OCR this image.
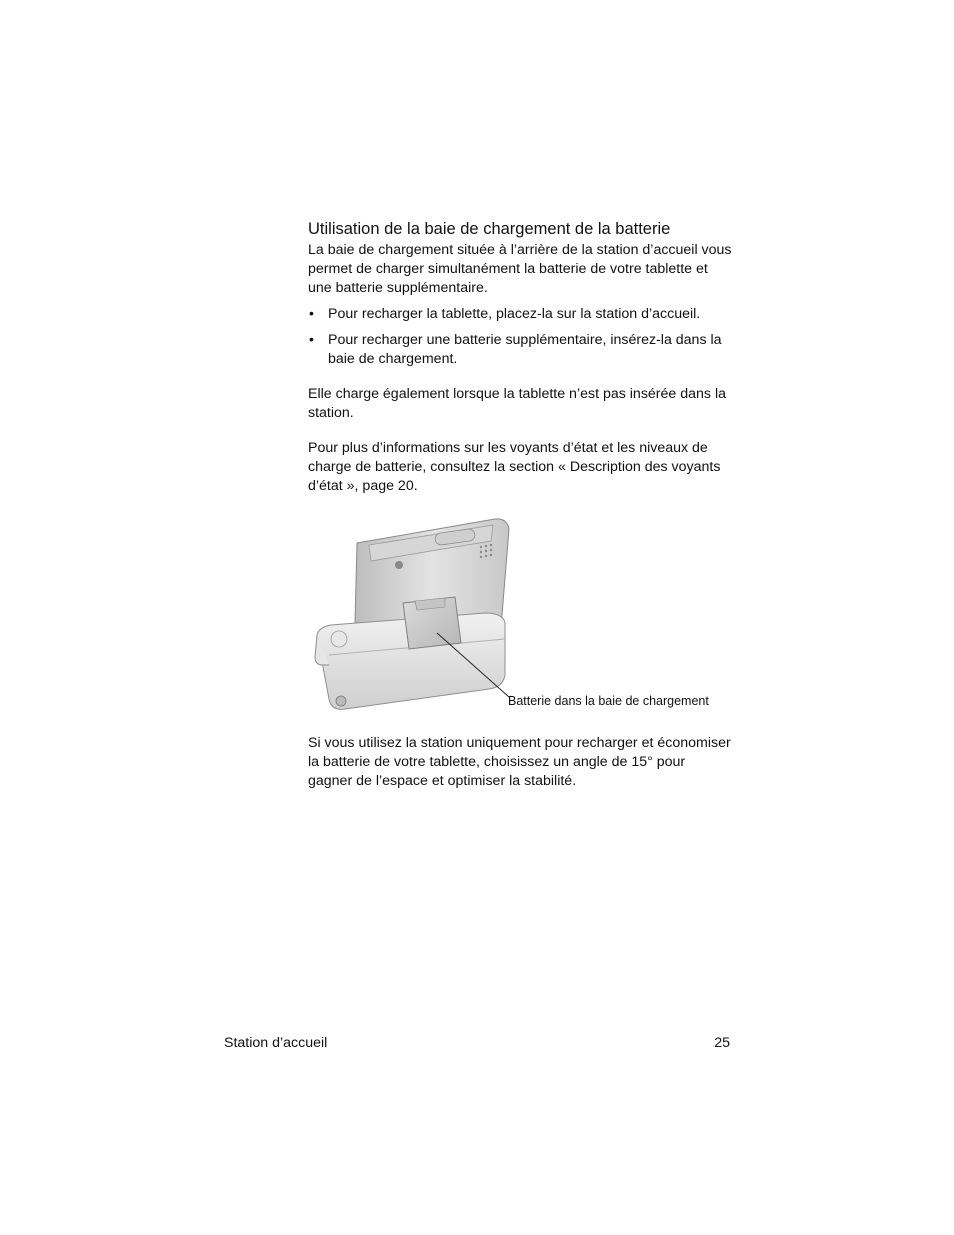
Utilisation de la baie de chargement de la batterie

La baie de chargement située à l’arrière de la station d’accueil vous permet de charger simultanément la batterie de votre tablette et une batterie supplémentaire.

• Pour recharger la tablette, placez-la sur la station d’accueil.
• Pour recharger une batterie supplémentaire, insérez-la dans la baie de chargement.

Elle charge également lorsque la tablette n’est pas insérée dans la station.

Pour plus d’informations sur les voyants d’état et les niveaux de charge de batterie, consultez la section « Description des voyants d’état », page 20.

Batterie dans la baie de chargement

Si vous utilisez la station uniquement pour recharger et économiser la batterie de votre tablette, choisissez un angle de 15° pour gagner de l’espace et optimiser la stabilité.

Station d’accueil	25
